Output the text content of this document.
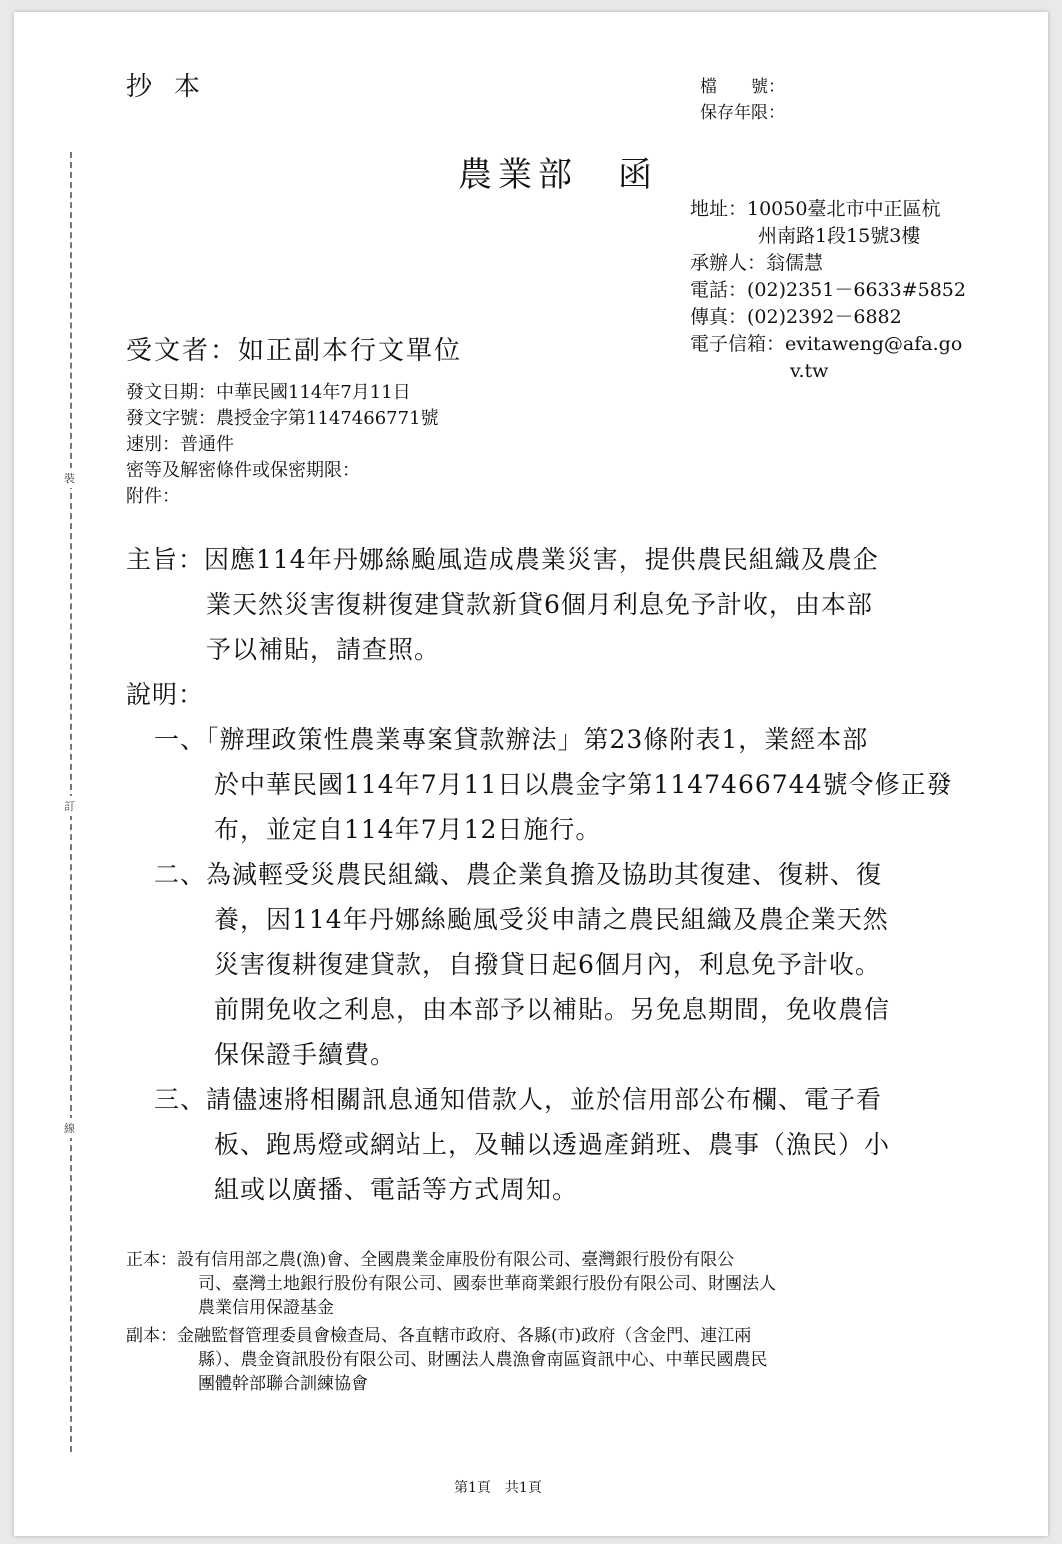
裝
訂
線
抄本	檔　　號：
保存年限：
農業部　函
地址：10050臺北市中正區杭
州南路1段15號3樓
承辦人：翁儒慧
電話：(02)2351－6633#5852
傳真：(02)2392－6882
電子信箱：evitaweng@afa.go
v.tw
受文者：如正副本行文單位
發文日期：中華民國114年7月11日
發文字號：農授金字第1147466771號
速別：普通件
密等及解密條件或保密期限：
附件：
主旨：因應114年丹娜絲颱風造成農業災害，提供農民組織及農企
業天然災害復耕復建貸款新貸6個月利息免予計收，由本部
予以補貼，請查照。
說明：
一、「辦理政策性農業專案貸款辦法」第23條附表1，業經本部
於中華民國114年7月11日以農金字第1147466744號令修正發
布，並定自114年7月12日施行。
二、為減輕受災農民組織、農企業負擔及協助其復建、復耕、復
養，因114年丹娜絲颱風受災申請之農民組織及農企業天然
災害復耕復建貸款，自撥貸日起6個月內，利息免予計收。
前開免收之利息，由本部予以補貼。另免息期間，免收農信
保保證手續費。
三、請儘速將相關訊息通知借款人，並於信用部公布欄、電子看
板、跑馬燈或網站上，及輔以透過產銷班、農事（漁民）小
組或以廣播、電話等方式周知。
正本：設有信用部之農(漁)會、全國農業金庫股份有限公司、臺灣銀行股份有限公
司、臺灣土地銀行股份有限公司、國泰世華商業銀行股份有限公司、財團法人
農業信用保證基金
副本：金融監督管理委員會檢查局、各直轄市政府、各縣(市)政府（含金門、連江兩
縣）、農金資訊股份有限公司、財團法人農漁會南區資訊中心、中華民國農民
團體幹部聯合訓練協會
第1頁　共1頁
